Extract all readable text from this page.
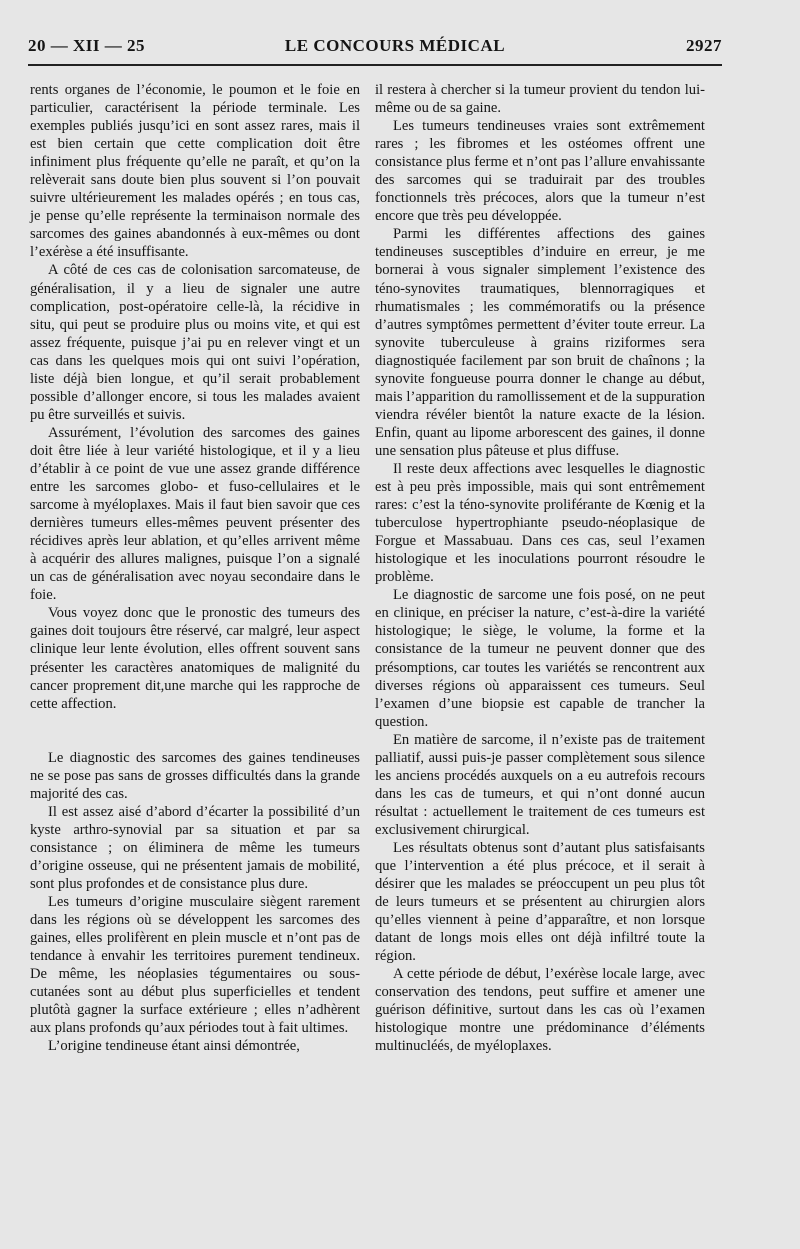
20 — XII — 25	LE CONCOURS MÉDICAL	2927

rents organes de l’économie, le poumon et le foie en particulier, caractérisent la période terminale. Les exemples publiés jusqu’ici en sont assez rares, mais il est bien certain que cette complication doit être infiniment plus fréquente qu’elle ne paraît, et qu’on la relèverait sans doute bien plus souvent si l’on pouvait suivre ultérieurement les malades opérés ; en tous cas, je pense qu’elle représente la terminaison normale des sarcomes des gaines abandonnés à eux-mêmes ou dont l’exérèse a été insuffisante.

A côté de ces cas de colonisation sarcomateuse, de généralisation, il y a lieu de signaler une autre complication, post-opératoire celle-là, la récidive in situ, qui peut se produire plus ou moins vite, et qui est assez fréquente, puisque j’ai pu en relever vingt et un cas dans les quelques mois qui ont suivi l’opération, liste déjà bien longue, et qu’il serait probablement possible d’allonger encore, si tous les malades avaient pu être surveillés et suivis.

Assurément, l’évolution des sarcomes des gaines doit être liée à leur variété histologique, et il y a lieu d’établir à ce point de vue une assez grande différence entre les sarcomes globo- et fuso-cellulaires et le sarcome à myéloplaxes. Mais il faut bien savoir que ces dernières tumeurs elles-mêmes peuvent présenter des récidives après leur ablation, et qu’elles arrivent même à acquérir des allures malignes, puisque l’on a signalé un cas de généralisation avec noyau secondaire dans le foie.

Vous voyez donc que le pronostic des tumeurs des gaines doit toujours être réservé, car malgré, leur aspect clinique leur lente évolution, elles offrent souvent sans présenter les caractères anatomiques de malignité du cancer proprement dit,une marche qui les rapproche de cette affection.

Le diagnostic des sarcomes des gaines tendineuses ne se pose pas sans de grosses difficultés dans la grande majorité des cas.

Il est assez aisé d’abord d’écarter la possibilité d’un kyste arthro-synovial par sa situation et par sa consistance ; on éliminera de même les tumeurs d’origine osseuse, qui ne présentent jamais de mobilité, sont plus profondes et de consistance plus dure.

Les tumeurs d’origine musculaire siègent rarement dans les régions où se développent les sarcomes des gaines, elles prolifèrent en plein muscle et n’ont pas de tendance à envahir les territoires purement tendineux. De même, les néoplasies tégumentaires ou sous-cutanées sont au début plus superficielles et tendent plutôtà gagner la surface extérieure ; elles n’adhèrent aux plans profonds qu’aux périodes tout à fait ultimes.

L’origine tendineuse étant ainsi démontrée,

il restera à chercher si la tumeur provient du tendon lui-même ou de sa gaine.

Les tumeurs tendineuses vraies sont extrêmement rares ; les fibromes et les ostéomes offrent une consistance plus ferme et n’ont pas l’allure envahissante des sarcomes qui se traduirait par des troubles fonctionnels très précoces, alors que la tumeur n’est encore que très peu développée.

Parmi les différentes affections des gaines tendineuses susceptibles d’induire en erreur, je me bornerai à vous signaler simplement l’existence des téno-synovites traumatiques, blennorragiques et rhumatismales ; les commémoratifs ou la présence d’autres symptômes permettent d’éviter toute erreur. La synovite tuberculeuse à grains riziformes sera diagnostiquée facilement par son bruit de chaînons ; la synovite fongueuse pourra donner le change au début, mais l’apparition du ramollissement et de la suppuration viendra révéler bientôt la nature exacte de la lésion. Enfin, quant au lipome arborescent des gaines, il donne une sensation plus pâteuse et plus diffuse.

Il reste deux affections avec lesquelles le diagnostic est à peu près impossible, mais qui sont entrêmement rares: c’est la téno-synovite proliférante de Kœnig et la tuberculose hypertrophiante pseudo-néoplasique de Forgue et Massabuau. Dans ces cas, seul l’examen histologique et les inoculations pourront résoudre le problème.

Le diagnostic de sarcome une fois posé, on ne peut en clinique, en préciser la nature, c’est-à-dire la variété histologique; le siège, le volume, la forme et la consistance de la tumeur ne peuvent donner que des présomptions, car toutes les variétés se rencontrent aux diverses régions où apparaissent ces tumeurs. Seul l’examen d’une biopsie est capable de trancher la question.

En matière de sarcome, il n’existe pas de traitement palliatif, aussi puis-je passer complètement sous silence les anciens procédés auxquels on a eu autrefois recours dans les cas de tumeurs, et qui n’ont donné aucun résultat : actuellement le traitement de ces tumeurs est exclusivement chirurgical.

Les résultats obtenus sont d’autant plus satisfaisants que l’intervention a été plus précoce, et il serait à désirer que les malades se préoccupent un peu plus tôt de leurs tumeurs et se présentent au chirurgien alors qu’elles viennent à peine d’apparaître, et non lorsque datant de longs mois elles ont déjà infiltré toute la région.

A cette période de début, l’exérèse locale large, avec conservation des tendons, peut suffire et amener une guérison définitive, surtout dans les cas où l’examen histologique montre une prédominance d’éléments multinucléés, de myéloplaxes.
